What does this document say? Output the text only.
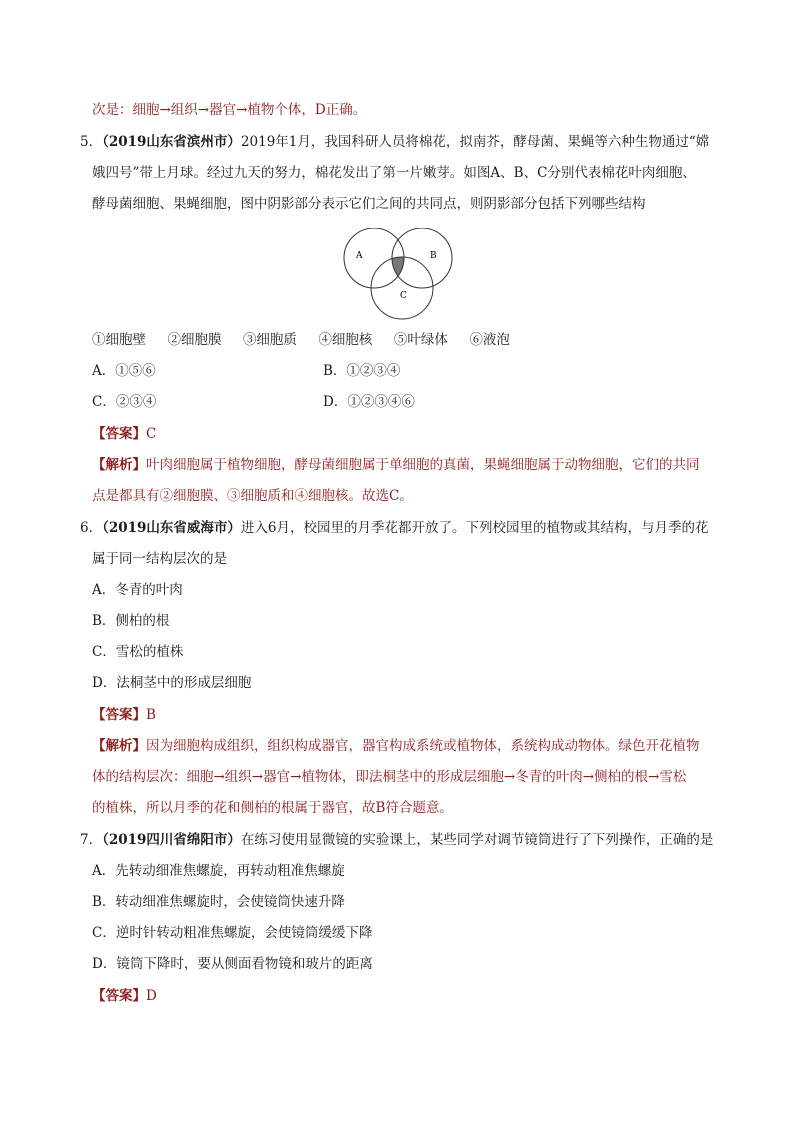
次是：细胞→组织→器官→植物个体，D正确。
5．（2019山东省滨州市）2019年1月，我国科研人员将棉花，拟南芥，酵母菌、果蝇等六种生物通过“嫦
娥四号”带上月球。经过九天的努力，棉花发出了第一片嫩芽。如图A、B、C分别代表棉花叶肉细胞、
酵母菌细胞、果蝇细胞，图中阴影部分表示它们之间的共同点，则阴影部分包括下列哪些结构
A	B
C
①细胞壁 ②细胞膜 ③细胞质 ④细胞核 ⑤叶绿体 ⑥液泡
A．①⑤⑥	B．①②③④
C．②③④	D．①②③④⑥
【答案】C
【解析】叶肉细胞属于植物细胞，酵母菌细胞属于单细胞的真菌，果蝇细胞属于动物细胞，它们的共同
点是都具有②细胞膜、③细胞质和④细胞核。故选C。
6．（2019山东省威海市）进入6月，校园里的月季花都开放了。下列校园里的植物或其结构，与月季的花
属于同一结构层次的是
A．冬青的叶肉
B．侧柏的根
C．雪松的植株
D．法桐茎中的形成层细胞
【答案】B
【解析】因为细胞构成组织，组织构成器官，器官构成系统或植物体，系统构成动物体。绿色开花植物
体的结构层次：细胞→组织→器官→植物体，即法桐茎中的形成层细胞→冬青的叶肉→侧柏的根→雪松
的植株，所以月季的花和侧柏的根属于器官，故B符合题意。
7．（2019四川省绵阳市）在练习使用显微镜的实验课上，某些同学对调节镜筒进行了下列操作，正确的是
A．先转动细准焦螺旋，再转动粗准焦螺旋
B．转动细准焦螺旋时，会使镜筒快速升降
C．逆时针转动粗准焦螺旋，会使镜筒缓缓下降
D．镜筒下降时，要从侧面看物镜和玻片的距离
【答案】D
